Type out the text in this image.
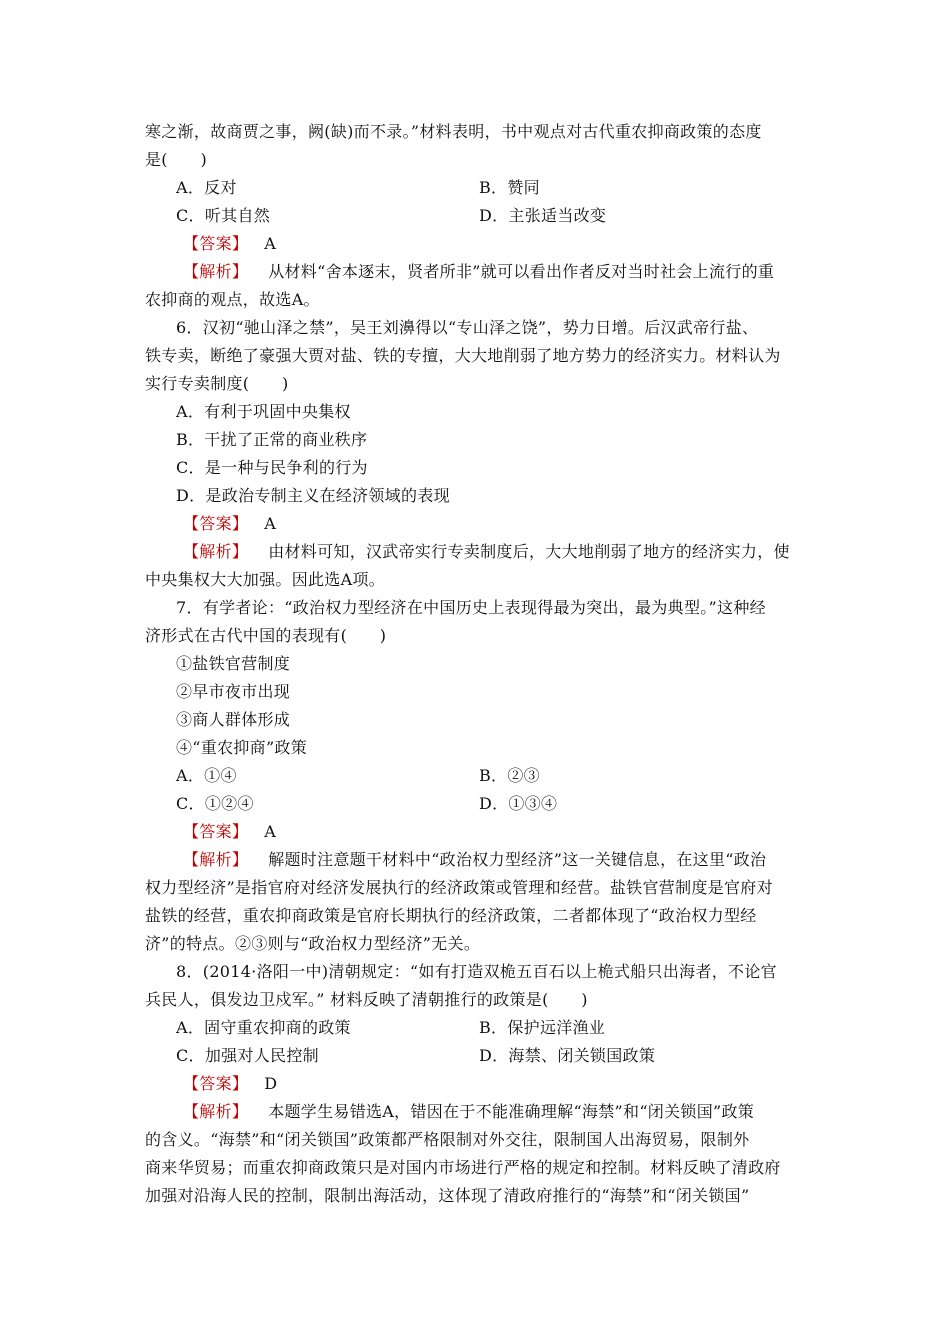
寒之渐，故商贾之事，阙(缺)而不录。”材料表明，书中观点对古代重农抑商政策的态度
是(　　)
A．反对	B．赞同
C．听其自然	D．主张适当改变
【答案】 A
【解析】 从材料“舍本逐末，贤者所非”就可以看出作者反对当时社会上流行的重
农抑商的观点，故选A。
6．汉初“驰山泽之禁”，吴王刘濞得以“专山泽之饶”，势力日增。后汉武帝行盐、
铁专卖，断绝了豪强大贾对盐、铁的专擅，大大地削弱了地方势力的经济实力。材料认为
实行专卖制度(　　)
A．有利于巩固中央集权
B．干扰了正常的商业秩序
C．是一种与民争利的行为
D．是政治专制主义在经济领域的表现
【答案】 A
【解析】 由材料可知，汉武帝实行专卖制度后，大大地削弱了地方的经济实力，使
中央集权大大加强。因此选A项。
7．有学者论：“政治权力型经济在中国历史上表现得最为突出，最为典型。”这种经
济形式在古代中国的表现有(　　)
①盐铁官营制度
②早市夜市出现
③商人群体形成
④“重农抑商”政策
A．①④	B．②③
C．①②④	D．①③④
【答案】 A
【解析】 解题时注意题干材料中“政治权力型经济”这一关键信息，在这里“政治
权力型经济”是指官府对经济发展执行的经济政策或管理和经营。盐铁官营制度是官府对
盐铁的经营，重农抑商政策是官府长期执行的经济政策，二者都体现了“政治权力型经
济”的特点。②③则与“政治权力型经济”无关。
8．(2014·洛阳一中)清朝规定：“如有打造双桅五百石以上桅式船只出海者，不论官
兵民人，俱发边卫戍军。” 材料反映了清朝推行的政策是(　　)
A．固守重农抑商的政策	B．保护远洋渔业
C．加强对人民控制	D．海禁、闭关锁国政策
【答案】 D
【解析】 本题学生易错选A，错因在于不能准确理解“海禁”和“闭关锁国”政策
的含义。“海禁”和“闭关锁国”政策都严格限制对外交往，限制国人出海贸易，限制外
商来华贸易；而重农抑商政策只是对国内市场进行严格的规定和控制。材料反映了清政府
加强对沿海人民的控制，限制出海活动，这体现了清政府推行的“海禁”和“闭关锁国”
